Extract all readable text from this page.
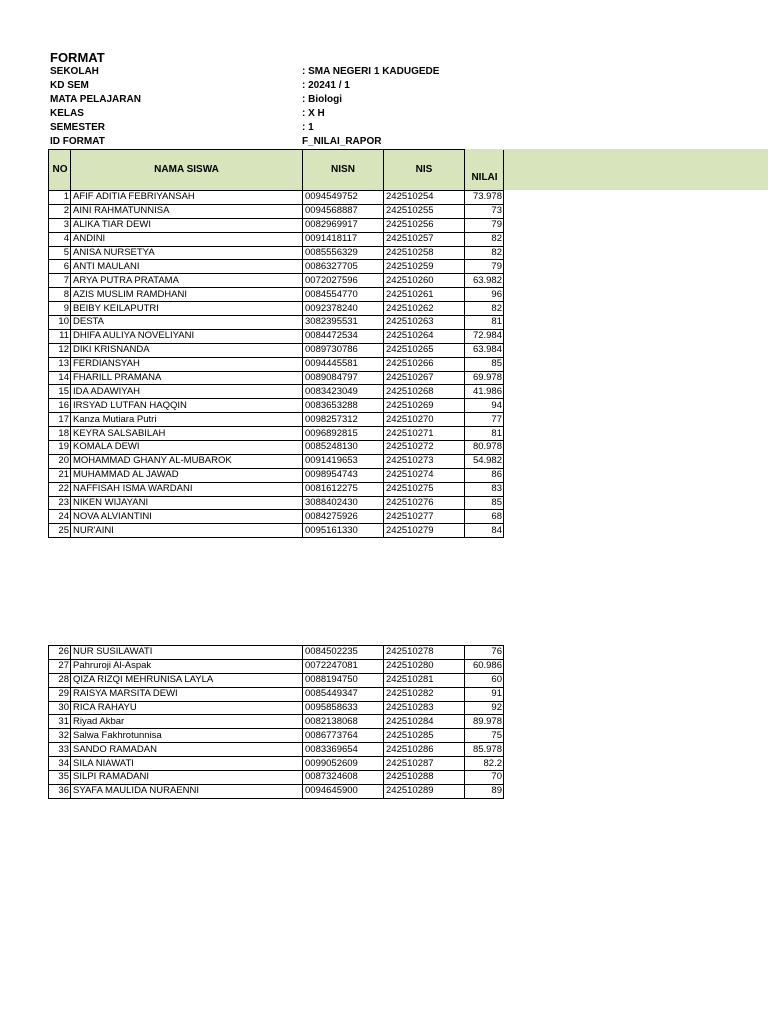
FORMAT
SEKOLAH	: SMA NEGERI 1 KADUGEDE
KD SEM	: 20241 / 1
MATA PELAJARAN	: Biologi
KELAS	: X H
SEMESTER	: 1
ID FORMAT	F_NILAI_RAPOR
NO	NAMA SISWA	NISN	NIS	NILAI
1	AFIF ADITIA FEBRIYANSAH	0094549752	242510254	73.978
2	AINI RAHMATUNNISA	0094568887	242510255	73
3	ALIKA TIAR DEWI	0082969917	242510256	79
4	ANDINI	0091418117	242510257	82
5	ANISA NURSETYA	0085556329	242510258	82
6	ANTI MAULANI	0086327705	242510259	79
7	ARYA PUTRA PRATAMA	0072027596	242510260	63.982
8	AZIS MUSLIM RAMDHANI	0084554770	242510261	96
9	BEIBY KEILAPUTRI	0092378240	242510262	82
10	DESTA	3082395531	242510263	81
11	DHIFA AULIYA NOVELIYANI	0084472534	242510264	72.984
12	DIKI KRISNANDA	0089730786	242510265	63.984
13	FERDIANSYAH	0094445581	242510266	85
14	FHARILL PRAMANA	0089084797	242510267	69.978
15	IDA ADAWIYAH	0083423049	242510268	41.986
16	IRSYAD LUTFAN HAQQIN	0083653288	242510269	94
17	Kanza Mutiara Putri	0098257312	242510270	77
18	KEYRA SALSABILAH	0096892815	242510271	81
19	KOMALA DEWI	0085248130	242510272	80.978
20	MOHAMMAD GHANY AL-MUBAROK	0091419653	242510273	54.982
21	MUHAMMAD AL JAWAD	0098954743	242510274	86
22	NAFFISAH ISMA WARDANI	0081612275	242510275	83
23	NIKEN WIJAYANI	3088402430	242510276	85
24	NOVA ALVIANTINI	0084275926	242510277	68
25	NUR'AINI	0095161330	242510279	84
26	NUR SUSILAWATI	0084502235	242510278	76
27	Pahruroji Al-Aspak	0072247081	242510280	60.986
28	QIZA RIZQI MEHRUNISA LAYLA	0088194750	242510281	60
29	RAISYA MARSITA DEWI	0085449347	242510282	91
30	RICA RAHAYU	0095858633	242510283	92
31	Riyad Akbar	0082138068	242510284	89.978
32	Salwa Fakhrotunnisa	0086773764	242510285	75
33	SANDO RAMADAN	0083369654	242510286	85.978
34	SILA NIAWATI	0099052609	242510287	82.2
35	SILPI RAMADANI	0087324608	242510288	70
36	SYAFA MAULIDA NURAENNI	0094645900	242510289	89
